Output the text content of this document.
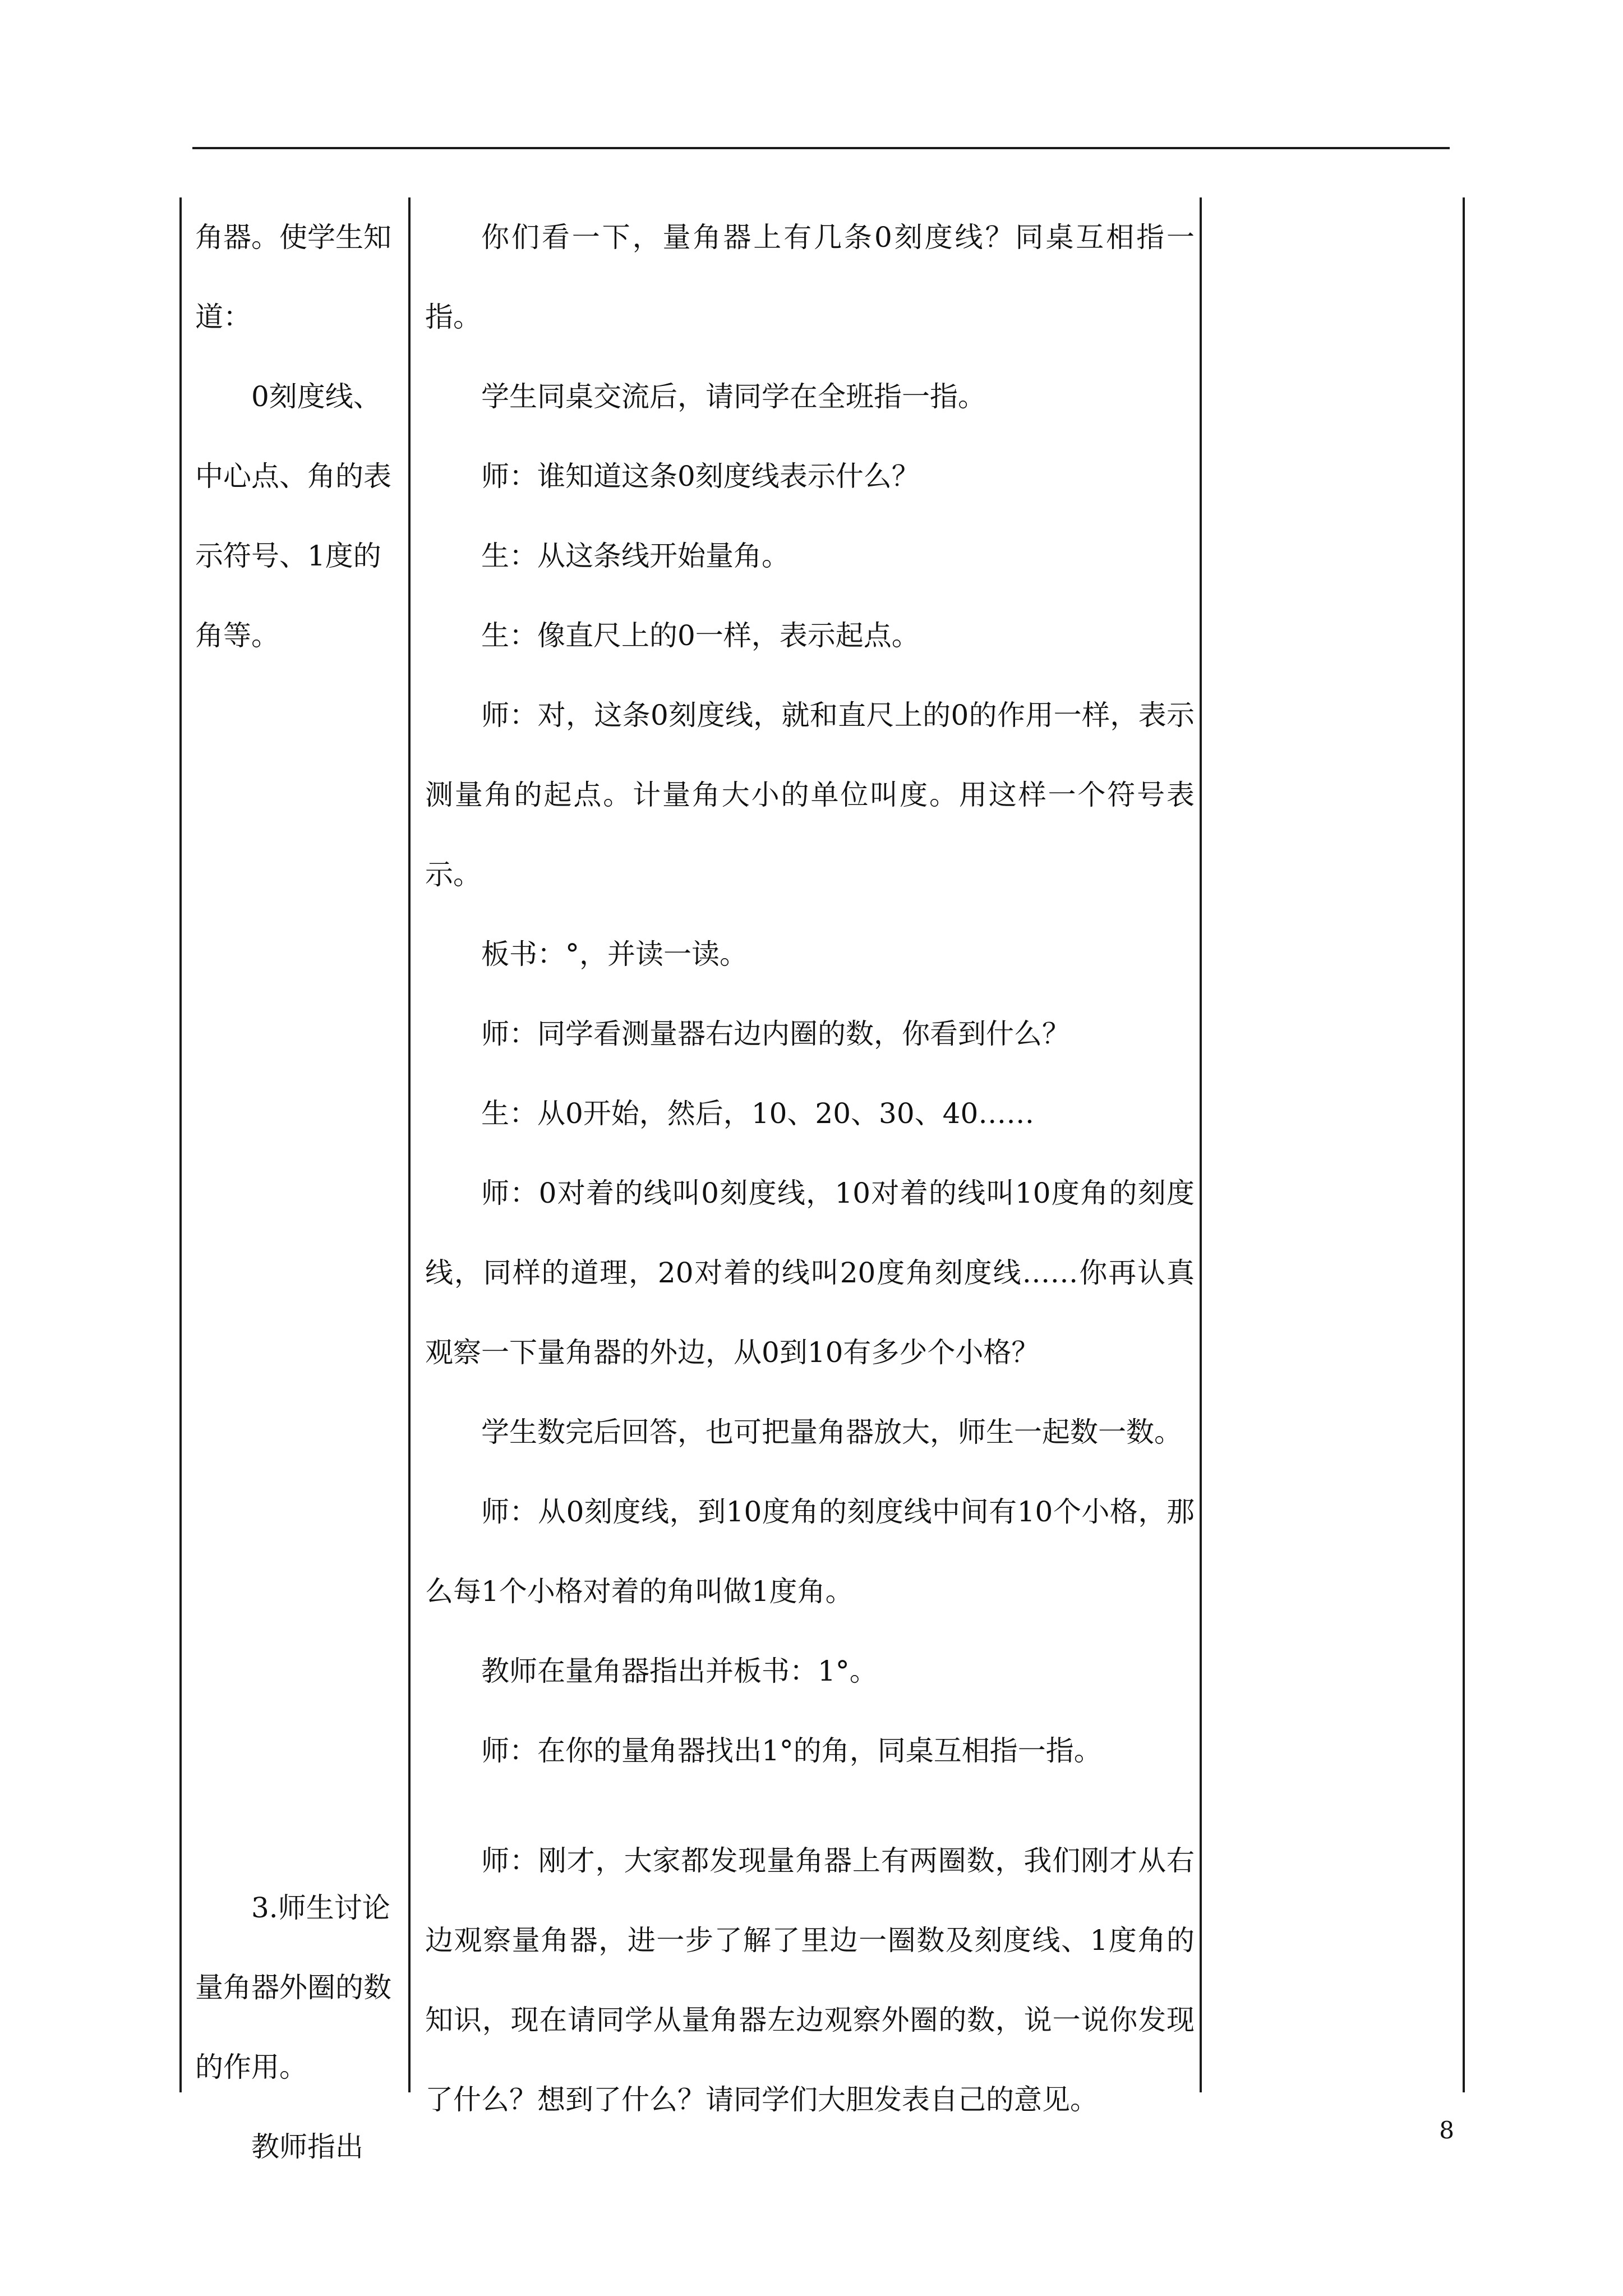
角器。使学生知道：
0刻度线、中心点、角的表示符号、1度的角等。
3.师生讨论量角器外圈的数的作用。
教师指出
你们看一下，量角器上有几条0刻度线？同桌互相指一指。
学生同桌交流后，请同学在全班指一指。
师：谁知道这条0刻度线表示什么？
生：从这条线开始量角。
生：像直尺上的0一样，表示起点。
师：对，这条0刻度线，就和直尺上的0的作用一样，表示测量角的起点。计量角大小的单位叫度。用这样一个符号表示。
板书：°，并读一读。
师：同学看测量器右边内圈的数，你看到什么？
生：从0开始，然后，10、20、30、40……
师：0对着的线叫0刻度线，10对着的线叫10度角的刻度线，同样的道理，20对着的线叫20度角刻度线……你再认真观察一下量角器的外边，从0到10有多少个小格？
学生数完后回答，也可把量角器放大，师生一起数一数。
师：从0刻度线，到10度角的刻度线中间有10个小格，那么每1个小格对着的角叫做1度角。
教师在量角器指出并板书：1°。
师：在你的量角器找出1°的角，同桌互相指一指。
师：刚才，大家都发现量角器上有两圈数，我们刚才从右边观察量角器，进一步了解了里边一圈数及刻度线、1度角的知识，现在请同学从量角器左边观察外圈的数，说一说你发现了什么？想到了什么？请同学们大胆发表自己的意见。
8
